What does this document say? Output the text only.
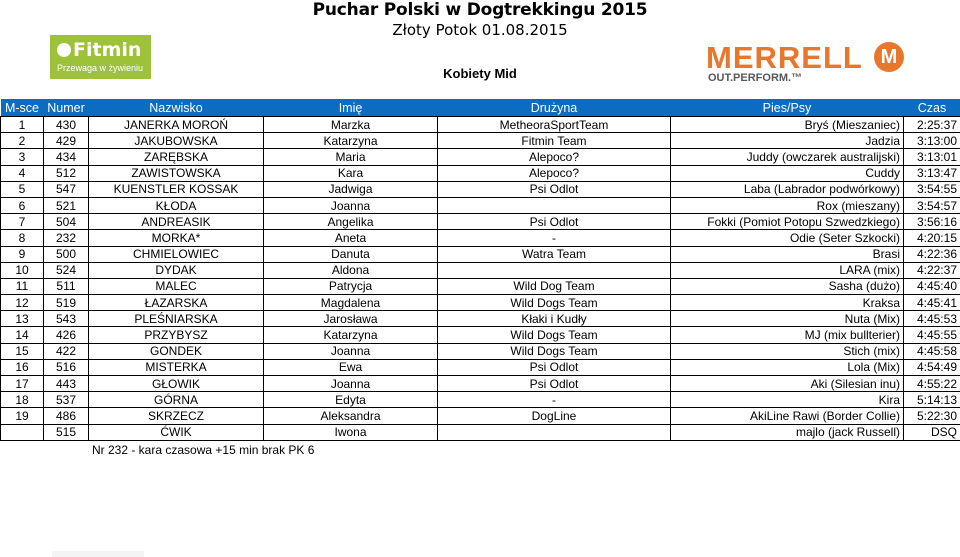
Puchar Polski w Dogtrekkingu 2015
Złoty Potok 01.08.2015
Kobiety Mid
Fitmin
Przewaga w żywieniu	MERRELL M
OUT.PERFORM.™
M-sce	Numer	Nazwisko	Imię	Drużyna	Pies/Psy	Czas
1	430	JANERKA MOROŃ	Marzka	MetheoraSportTeam	Bryś (Mieszaniec)	2:25:37
2	429	JAKUBOWSKA	Katarzyna	Fitmin Team	Jadzia	3:13:00
3	434	ZARĘBSKA	Maria	Alepoco?	Juddy (owczarek australijski)	3:13:01
4	512	ZAWISTOWSKA	Kara	Alepoco?	Cuddy	3:13:47
5	547	KUENSTLER KOSSAK	Jadwiga	Psi Odlot	Laba (Labrador podwórkowy)	3:54:55
6	521	KŁODA	Joanna		Rox (mieszany)	3:54:57
7	504	ANDREASIK	Angelika	Psi Odlot	Fokki (Pomiot Potopu Szwedzkiego)	3:56:16
8	232	MORKA*	Aneta	-	Odie (Seter Szkocki)	4:20:15
9	500	CHMIELOWIEC	Danuta	Watra Team	Brasi	4:22:36
10	524	DYDAK	Aldona		LARA (mix)	4:22:37
11	511	MALEC	Patrycja	Wild Dog Team	Sasha (dużo)	4:45:40
12	519	ŁAZARSKA	Magdalena	Wild Dogs Team	Kraksa	4:45:41
13	543	PLEŚNIARSKA	Jarosława	Kłaki i Kudły	Nuta (Mix)	4:45:53
14	426	PRZYBYSZ	Katarzyna	Wild Dogs Team	MJ (mix bullterier)	4:45:55
15	422	GONDEK	Joanna	Wild Dogs Team	Stich (mix)	4:45:58
16	516	MISTERKA	Ewa	Psi Odlot	Lola (Mix)	4:54:49
17	443	GŁOWIK	Joanna	Psi Odlot	Aki (Silesian inu)	4:55:22
18	537	GÓRNA	Edyta	-	Kira	5:14:13
19	486	SKRZECZ	Aleksandra	DogLine	AkiLine Rawi (Border Collie)	5:22:30
	515	ĆWIK	Iwona		majlo (jack Russell)	DSQ
Nr 232 - kara czasowa +15 min brak PK 6
